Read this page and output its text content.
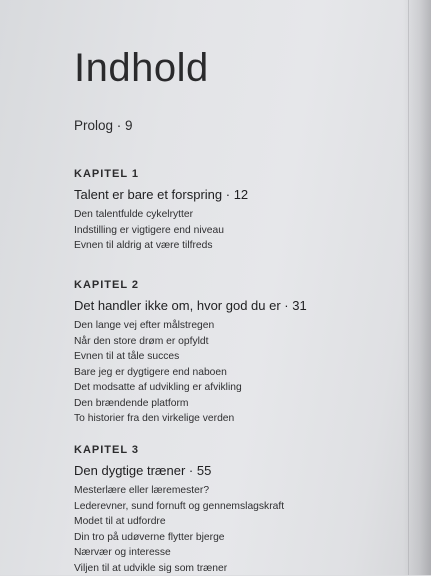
Indhold
Prolog · 9
KAPITEL 1
Talent er bare et forspring · 12
Den talentfulde cykelrytter
Indstilling er vigtigere end niveau
Evnen til aldrig at være tilfreds
KAPITEL 2
Det handler ikke om, hvor god du er · 31
Den lange vej efter målstregen
Når den store drøm er opfyldt
Evnen til at tåle succes
Bare jeg er dygtigere end naboen
Det modsatte af udvikling er afvikling
Den brændende platform
To historier fra den virkelige verden
KAPITEL 3
Den dygtige træner · 55
Mesterlære eller læremester?
Lederevner, sund fornuft og gennemslagskraft
Modet til at udfordre
Din tro på udøverne flytter bjerge
Nærvær og interesse
Viljen til at udvikle sig som træner
